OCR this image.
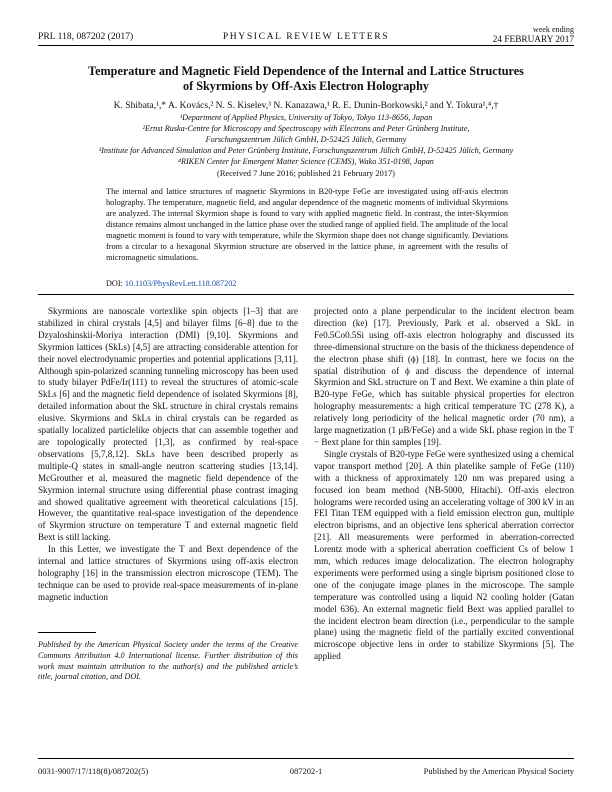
PRL 118, 087202 (2017)	PHYSICAL REVIEW LETTERS
week ending
24 FEBRUARY 2017
Temperature and Magnetic Field Dependence of the Internal and Lattice Structures
of Skyrmions by Off-Axis Electron Holography
K. Shibata,¹,* A. Kovács,² N. S. Kiselev,³ N. Kanazawa,¹ R. E. Dunin-Borkowski,² and Y. Tokura¹,⁴,†
¹Department of Applied Physics, University of Tokyo, Tokyo 113-8656, Japan
²Ernst Ruska-Centre for Microscopy and Spectroscopy with Electrons and Peter Grünberg Institute,
Forschungszentrum Jülich GmbH, D-52425 Jülich, Germany
³Institute for Advanced Simulation and Peter Grünberg Institute, Forschungszentrum Jülich GmbH, D-52425 Jülich, Germany
⁴RIKEN Center for Emergent Matter Science (CEMS), Wako 351-0198, Japan
(Received 7 June 2016; published 21 February 2017)
The internal and lattice structures of magnetic Skyrmions in B20-type FeGe are investigated using off-axis electron holography. The temperature, magnetic field, and angular dependence of the magnetic moments of individual Skyrmions are analyzed. The internal Skyrmion shape is found to vary with applied magnetic field. In contrast, the inter-Skyrmion distance remains almost unchanged in the lattice phase over the studied range of applied field. The amplitude of the local magnetic moment is found to vary with temperature, while the Skyrmion shape does not change significantly. Deviations from a circular to a hexagonal Skyrmion structure are observed in the lattice phase, in agreement with the results of micromagnetic simulations.
DOI: 10.1103/PhysRevLett.118.087202

Skyrmions are nanoscale vortexlike spin objects [1–3] that are stabilized in chiral crystals [4,5] and bilayer films [6–8] due to the Dzyaloshinskii-Moriya interaction (DMI) [9,10]. Skyrmions and Skyrmion lattices (SkLs) [4,5] are attracting considerable attention for their novel electrodynamic properties and potential applications [3,11]. Although spin-polarized scanning tunneling microscopy has been used to study bilayer PdFe/Ir(111) to reveal the structures of atomic-scale SkLs [6] and the magnetic field dependence of isolated Skyrmions [8], detailed information about the SkL structure in chiral crystals remains elusive. Skyrmions and SkLs in chiral crystals can be regarded as spatially localized particlelike objects that can assemble together and are topologically protected [1,3], as confirmed by real-space observations [5,7,8,12]. SkLs have been described properly as multiple-Q states in small-angle neutron scattering studies [13,14]. McGrouther et al. measured the magnetic field dependence of the Skyrmion internal structure using differential phase contrast imaging and showed qualitative agreement with theoretical calculations [15]. However, the quantitative real-space investigation of the dependence of Skyrmion structure on temperature T and external magnetic field Bext is still lacking.

In this Letter, we investigate the T and Bext dependence of the internal and lattice structures of Skyrmions using off-axis electron holography [16] in the transmission electron microscope (TEM). The technique can be used to provide real-space measurements of in-plane magnetic induction

projected onto a plane perpendicular to the incident electron beam direction (ke) [17]. Previously, Park et al. observed a SkL in Fe0.5Co0.5Si using off-axis electron holography and discussed its three-dimensional structure on the basis of the thickness dependence of the electron phase shift (ϕ) [18]. In contrast, here we focus on the spatial distribution of ϕ and discuss the dependence of internal Skyrmion and SkL structure on T and Bext. We examine a thin plate of B20-type FeGe, which has suitable physical properties for electron holography measurements: a high critical temperature TC (278 K), a relatively long periodicity of the helical magnetic order (70 nm), a large magnetization (1 μB/FeGe) and a wide SkL phase region in the T − Bext plane for thin samples [19].

Single crystals of B20-type FeGe were synthesized using a chemical vapor transport method [20]. A thin platelike sample of FeGe (110) with a thickness of approximately 120 nm was prepared using a focused ion beam method (NB-5000, Hitachi). Off-axis electron holograms were recorded using an accelerating voltage of 300 kV in an FEI Titan TEM equipped with a field emission electron gun, multiple electron biprisms, and an objective lens spherical aberration corrector [21]. All measurements were performed in aberration-corrected Lorentz mode with a spherical aberration coefficient Cs of below 1 mm, which reduces image delocalization. The electron holography experiments were performed using a single biprism positioned close to one of the conjugate image planes in the microscope. The sample temperature was controlled using a liquid N2 cooling holder (Gatan model 636). An external magnetic field Bext was applied parallel to the incident electron beam direction (i.e., perpendicular to the sample plane) using the magnetic field of the partially excited conventional microscope objective lens in order to stabilize Skyrmions [5]. The applied

Published by the American Physical Society under the terms of the Creative Commons Attribution 4.0 International license. Further distribution of this work must maintain attribution to the author(s) and the published article’s title, journal citation, and DOI.
0031-9007/17/118(8)/087202(5)	087202-1	Published by the American Physical Society
